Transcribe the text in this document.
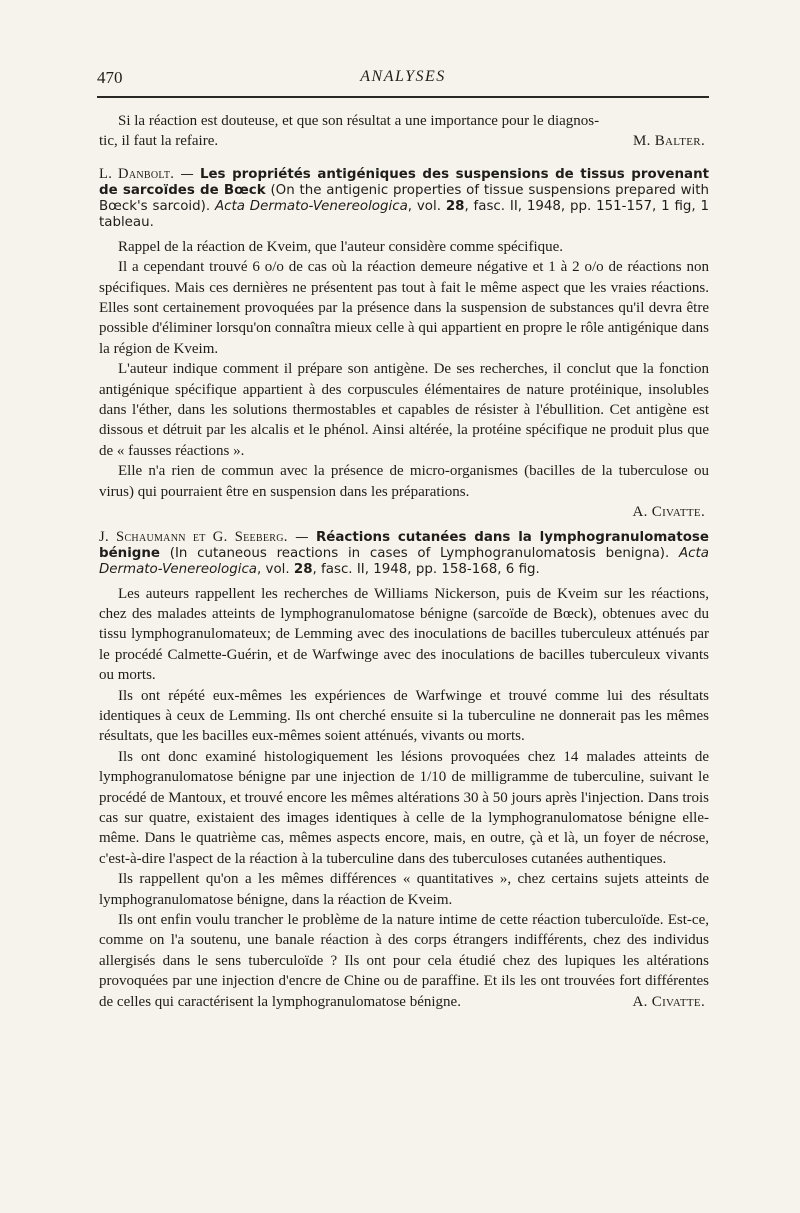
470	ANALYSES

Si la réaction est douteuse, et que son résultat a une importance pour le diagnos-
tic, il faut la refaire.	M. Balter.

L. Danbolt. — Les propriétés antigéniques des suspensions de tissus provenant de sarcoïdes de Bœck (On the antigenic properties of tissue suspensions prepared with Bœck's sarcoid). Acta Dermato-Venereologica, vol. 28, fasc. II, 1948, pp. 151-157, 1 fig, 1 tableau.

Rappel de la réaction de Kveim, que l'auteur considère comme spécifique.

Il a cependant trouvé 6 o/o de cas où la réaction demeure négative et 1 à 2 o/o de réactions non spécifiques. Mais ces dernières ne présentent pas tout à fait le même aspect que les vraies réactions. Elles sont certainement provoquées par la présence dans la suspension de substances qu'il devra être possible d'éliminer lorsqu'on connaîtra mieux celle à qui appartient en propre le rôle antigénique dans la région de Kveim.

L'auteur indique comment il prépare son antigène. De ses recherches, il conclut que la fonction antigénique spécifique appartient à des corpuscules élémentaires de nature protéinique, insolubles dans l'éther, dans les solutions thermostables et capables de résister à l'ébullition. Cet antigène est dissous et détruit par les alcalis et le phénol. Ainsi altérée, la protéine spécifique ne produit plus que de « fausses réactions ».

Elle n'a rien de commun avec la présence de micro-organismes (bacilles de la tuberculose ou virus) qui pourraient être en suspension dans les préparations.

A. Civatte.

J. Schaumann et G. Seeberg. — Réactions cutanées dans la lymphogranulomatose bénigne (In cutaneous reactions in cases of Lymphogranulomatosis benigna). Acta Dermato-Venereologica, vol. 28, fasc. II, 1948, pp. 158-168, 6 fig.

Les auteurs rappellent les recherches de Williams Nickerson, puis de Kveim sur les réactions, chez des malades atteints de lymphogranulomatose bénigne (sarcoïde de Bœck), obtenues avec du tissu lymphogranulomateux; de Lemming avec des inoculations de bacilles tuberculeux atténués par le procédé Calmette-Guérin, et de Warfwinge avec des inoculations de bacilles tuberculeux vivants ou morts.

Ils ont répété eux-mêmes les expériences de Warfwinge et trouvé comme lui des résultats identiques à ceux de Lemming. Ils ont cherché ensuite si la tuberculine ne donnerait pas les mêmes résultats, que les bacilles eux-mêmes soient atténués, vivants ou morts.

Ils ont donc examiné histologiquement les lésions provoquées chez 14 malades atteints de lymphogranulomatose bénigne par une injection de 1/10 de milligramme de tuberculine, suivant le procédé de Mantoux, et trouvé encore les mêmes altérations 30 à 50 jours après l'injection. Dans trois cas sur quatre, existaient des images identiques à celle de la lymphogranulomatose bénigne elle-même. Dans le quatrième cas, mêmes aspects encore, mais, en outre, çà et là, un foyer de nécrose, c'est-à-dire l'aspect de la réaction à la tuberculine dans des tuberculoses cutanées authentiques.

Ils rappellent qu'on a les mêmes différences « quantitatives », chez certains sujets atteints de lymphogranulomatose bénigne, dans la réaction de Kveim.

Ils ont enfin voulu trancher le problème de la nature intime de cette réaction tuberculoïde. Est-ce, comme on l'a soutenu, une banale réaction à des corps étrangers indifférents, chez des individus allergisés dans le sens tuberculoïde ? Ils ont pour cela étudié chez des lupiques les altérations provoquées par une injection d'encre de Chine ou de paraffine. Et ils les ont trouvées fort différentes de celles qui caractérisent la lymphogranulomatose bénigne.	A. Civatte.
